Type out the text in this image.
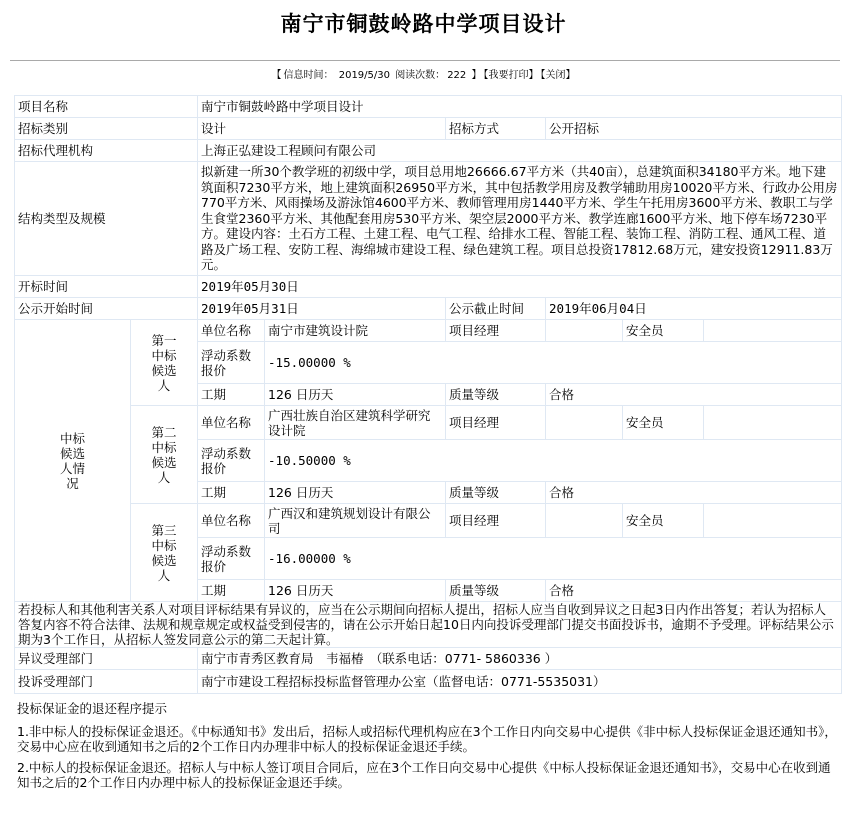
南宁市铜鼓岭路中学项目设计
【 信息时间： 2019/5/30 阅读次数： 222 】 【我要打印】 【关闭】
项目名称		南宁市铜鼓岭路中学项目设计					
招标类别		设计		招标方式	公开招标		
招标代理机构		上海正弘建设工程顾问有限公司					
结构类型及规模		拟新建一所30个教学班的初级中学，项目总用地26666.67平方米（共40亩），总建筑面积34180平方米。地下建筑面积7230平方米，地上建筑面积26950平方米，其中包括教学用房及教学辅助用房10020平方米、行政办公用房770平方米、风雨操场及游泳馆4600平方米、教师管理用房1440平方米、学生午托用房3600平方米、教职工与学生食堂2360平方米、其他配套用房530平方米、架空层2000平方米、教学连廊1600平方米、地下停车场7230平方。建设内容：土石方工程、土建工程、电气工程、给排水工程、智能工程、装饰工程、消防工程、通风工程、道路及广场工程、安防工程、海绵城市建设工程、绿色建筑工程。项目总投资17812.68万元，建安投资12911.83万元。					
开标时间		2019年05月30日					
公示开始时间		2019年05月31日		公示截止时间	2019年06月04日		

中标候选人情况	第一中标候选人	单位名称	南宁市建筑设计院	项目经理		安全员	
		浮动系数报价	-15.00000 %				
		工期	126 日历天	质量等级	合格		

	第二中标候选人	单位名称	广西壮族自治区建筑科学研究设计院	项目经理		安全员	
		浮动系数报价	-10.50000 %				
		工期	126 日历天	质量等级	合格		

	第三中标候选人	单位名称	广西汉和建筑规划设计有限公司	项目经理		安全员	
		浮动系数报价	-16.00000 %				
		工期	126 日历天	质量等级	合格		
若投标人和其他利害关系人对项目评标结果有异议的，应当在公示期间向招标人提出，招标人应当自收到异议之日起3日内作出答复；若认为招标人答复内容不符合法律、法规和规章规定或权益受到侵害的，请在公示开始日起10日内向投诉受理部门提交书面投诉书，逾期不予受理。评标结果公示期为3个工作日，从招标人签发同意公示的第二天起计算。							
异议受理部门		南宁市青秀区教育局　韦福椿　（联系电话：0771- 5860336 ）					
投诉受理部门		南宁市建设工程招标投标监督管理办公室（监督电话：0771-5535031）					
投标保证金的退还程序提示

1.非中标人的投标保证金退还。《中标通知书》发出后，招标人或招标代理机构应在3个工作日内向交易中心提供《非中标人投标保证金退还通知书》，交易中心应在收到通知书之后的2个工作日内办理非中标人的投标保证金退还手续。

2.中标人的投标保证金退还。招标人与中标人签订项目合同后，应在3个工作日向交易中心提供《中标人投标保证金退还通知书》，交易中心在收到通知书之后的2个工作日内办理中标人的投标保证金退还手续。
